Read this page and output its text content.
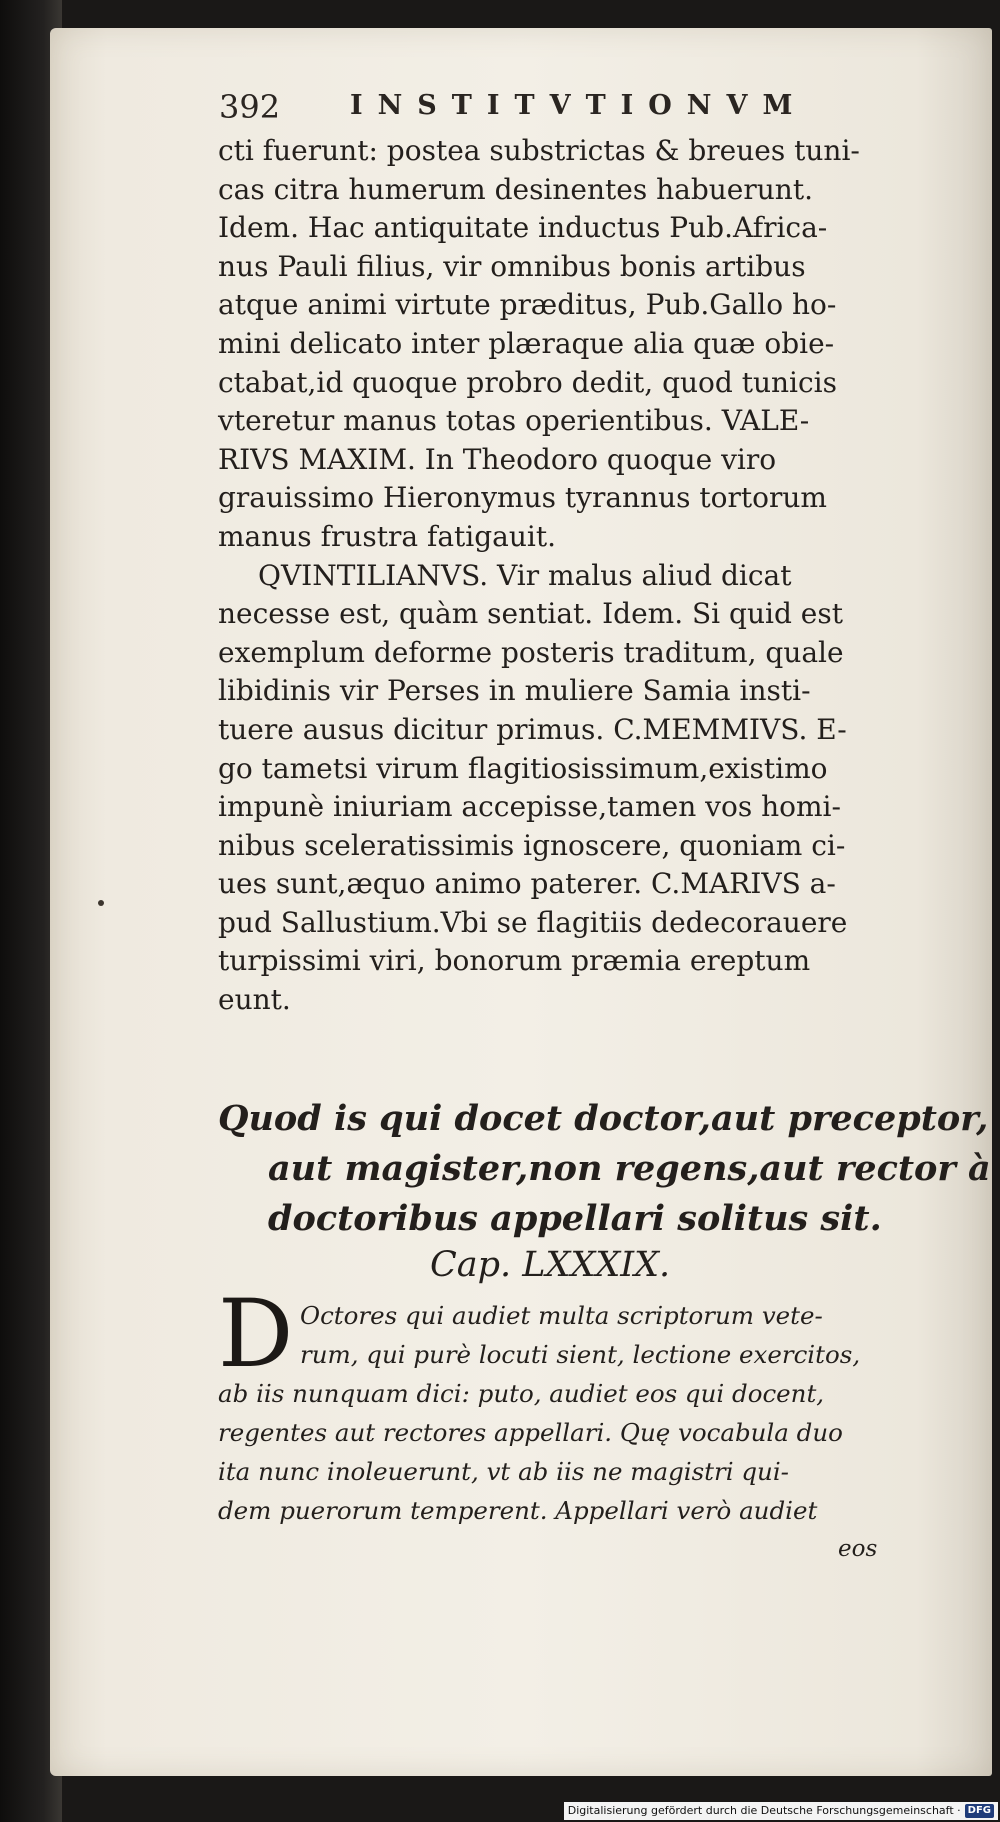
392	INSTITVTIONVM
cti fuerunt: postea substrictas & breues tuni-
cas citra humerum desinentes habuerunt.
Idem. Hac antiquitate inductus Pub.Africa-
nus Pauli filius, vir omnibus bonis artibus
atque animi virtute præditus, Pub.Gallo ho-
mini delicato inter plæraque alia quæ obie-
ctabat,id quoque probro dedit, quod tunicis
vteretur manus totas operientibus. VALE-
RIVS MAXIM. In Theodoro quoque viro
grauissimo Hieronymus tyrannus tortorum
manus frustra fatigauit.
QVINTILIANVS. Vir malus aliud dicat
necesse est, quàm sentiat. Idem. Si quid est
exemplum deforme posteris traditum, quale
libidinis vir Perses in muliere Samia insti-
tuere ausus dicitur primus. C.MEMMIVS. E-
go tametsi virum flagitiosissimum,existimo
impunè iniuriam accepisse,tamen vos homi-
nibus sceleratissimis ignoscere, quoniam ci-
ues sunt,æquo animo paterer. C.MARIVS a-
pud Sallustium.Vbi se flagitiis dedecorauere
turpissimi viri, bonorum præmia ereptum
eunt.
Quod is qui docet doctor,aut preceptor,
aut magister,non regens,aut rector à
doctoribus appellari solitus sit.
Cap. LXXXIX.
D Octores qui audiet multa scriptorum vete-
rum, qui purè locuti sient, lectione exercitos,
ab iis nunquam dici: puto, audiet eos qui docent,
regentes aut rectores appellari. Quę vocabula duo
ita nunc inoleuerunt, vt ab iis ne magistri qui-
dem puerorum temperent. Appellari verò audiet
eos
Digitalisierung gefördert durch die Deutsche Forschungsgemeinschaft · DFG
